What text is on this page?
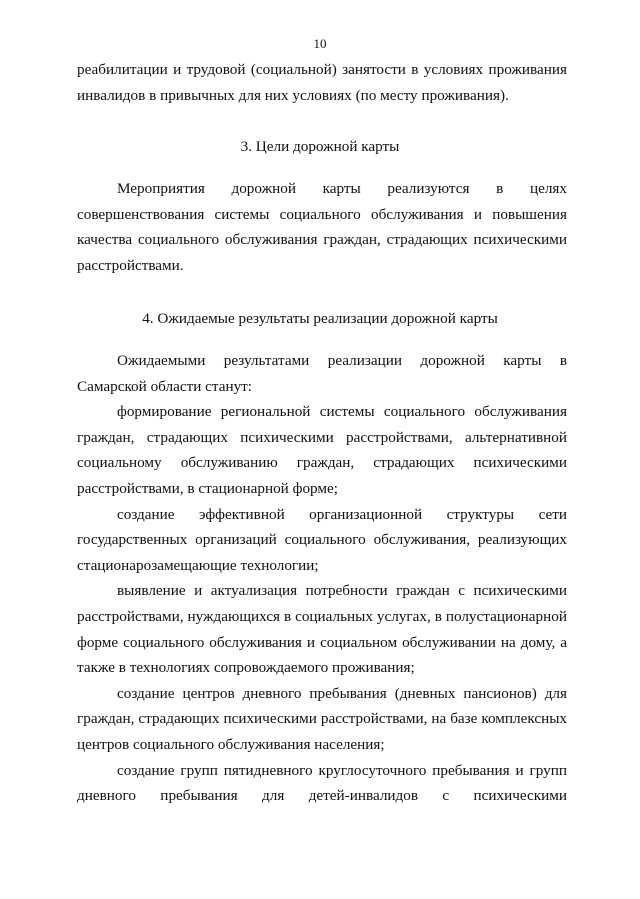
10

реабилитации и трудовой (социальной) занятости в условиях проживания инвалидов в привычных для них условиях (по месту проживания).

3. Цели дорожной карты

Мероприятия дорожной карты реализуются в целях совершенствования системы социального обслуживания и повышения качества социального обслуживания граждан, страдающих психическими расстройствами.

4. Ожидаемые результаты реализации дорожной карты

Ожидаемыми результатами реализации дорожной карты в Самарской области станут:

формирование региональной системы социального обслуживания граждан, страдающих психическими расстройствами, альтернативной социальному обслуживанию граждан, страдающих психическими расстройствами, в стационарной форме;

создание эффективной организационной структуры сети государственных организаций социального обслуживания, реализующих стационарозамещающие технологии;

выявление и актуализация потребности граждан с психическими расстройствами, нуждающихся в социальных услугах, в полустационарной форме социального обслуживания и социальном обслуживании на дому, а также в технологиях сопровождаемого проживания;

создание центров дневного пребывания (дневных пансионов) для граждан, страдающих психическими расстройствами, на базе комплексных центров социального обслуживания населения;

создание групп пятидневного круглосуточного пребывания и групп дневного пребывания для детей-инвалидов с психическими
